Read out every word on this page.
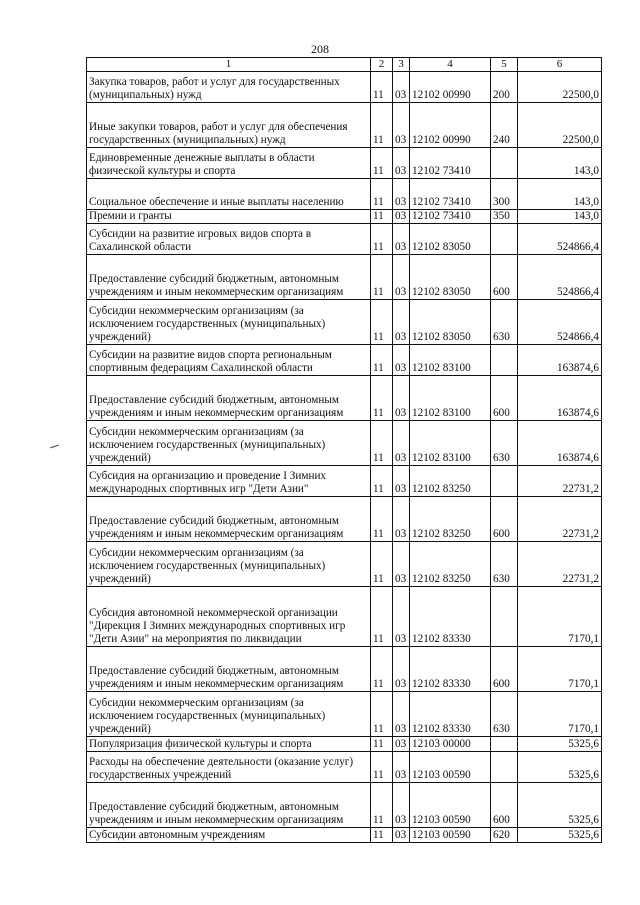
208
1	2	3	4	5	6
Закупка товаров, работ и услуг для государственных (муниципальных) нужд	11	03	12102 00990	200	22500,0
Иные закупки товаров, работ и услуг для обеспечения государственных (муниципальных) нужд	11	03	12102 00990	240	22500,0
Единовременные денежные выплаты в области физической культуры и спорта	11	03	12102 73410		143,0
Социальное обеспечение и иные выплаты населению	11	03	12102 73410	300	143,0
Премии и гранты	11	03	12102 73410	350	143,0
Субсидии на развитие игровых видов спорта в Сахалинской области	11	03	12102 83050		524866,4
Предоставление субсидий бюджетным, автономным учреждениям и иным некоммерческим организациям	11	03	12102 83050	600	524866,4
Субсидии некоммерческим организациям (за исключением государственных (муниципальных) учреждений)	11	03	12102 83050	630	524866,4
Субсидии на развитие видов спорта региональным спортивным федерациям Сахалинской области	11	03	12102 83100		163874,6
Предоставление субсидий бюджетным, автономным учреждениям и иным некоммерческим организациям	11	03	12102 83100	600	163874,6
Субсидии некоммерческим организациям (за исключением государственных (муниципальных) учреждений)	11	03	12102 83100	630	163874,6
Субсидия на организацию и проведение I Зимних международных спортивных игр "Дети Азии"	11	03	12102 83250		22731,2
Предоставление субсидий бюджетным, автономным учреждениям и иным некоммерческим организациям	11	03	12102 83250	600	22731,2
Субсидии некоммерческим организациям (за исключением государственных (муниципальных) учреждений)	11	03	12102 83250	630	22731,2
Субсидия автономной некоммерческой организации "Дирекция I Зимних международных спортивных игр "Дети Азии" на мероприятия по ликвидации	11	03	12102 83330		7170,1
Предоставление субсидий бюджетным, автономным учреждениям и иным некоммерческим организациям	11	03	12102 83330	600	7170,1
Субсидии некоммерческим организациям (за исключением государственных (муниципальных) учреждений)	11	03	12102 83330	630	7170,1
Популяризация физической культуры и спорта	11	03	12103 00000		5325,6
Расходы на обеспечение деятельности (оказание услуг) государственных учреждений	11	03	12103 00590		5325,6
Предоставление субсидий бюджетным, автономным учреждениям и иным некоммерческим организациям	11	03	12103 00590	600	5325,6
Субсидии автономным учреждениям	11	03	12103 00590	620	5325,6
